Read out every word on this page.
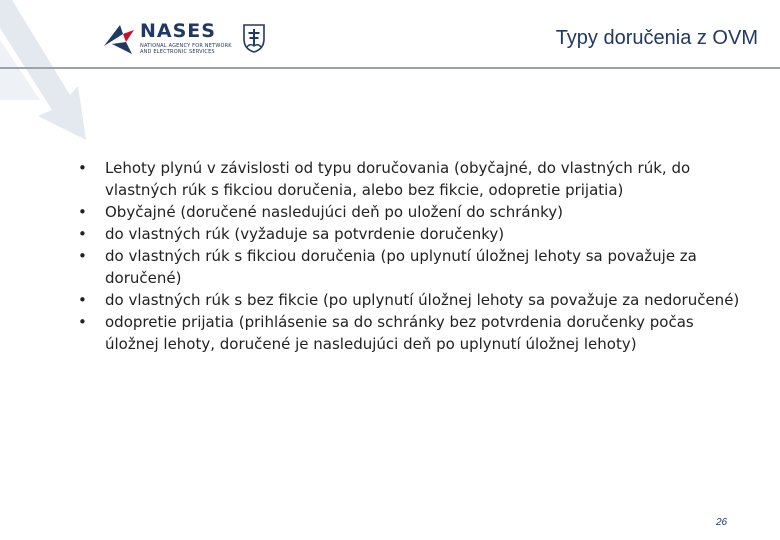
NASES
NATIONAL AGENCY FOR NETWORK AND ELECTRONIC SERVICES
Typy doručenia z OVM
•	Lehoty plynú v závislosti od typu doručovania (obyčajné, do vlastných rúk, do vlastných rúk s fikciou doručenia, alebo bez fikcie, odopretie prijatia)
•	Obyčajné (doručené nasledujúci deň po uložení do schránky)
•	do vlastných rúk (vyžaduje sa potvrdenie doručenky)
•	do vlastných rúk s fikciou doručenia (po uplynutí úložnej lehoty sa považuje za doručené)
•	do vlastných rúk s bez fikcie (po uplynutí úložnej lehoty sa považuje za nedoručené)
•	odopretie prijatia (prihlásenie sa do schránky bez potvrdenia doručenky počas úložnej lehoty, doručené je nasledujúci deň po uplynutí úložnej lehoty)
26
